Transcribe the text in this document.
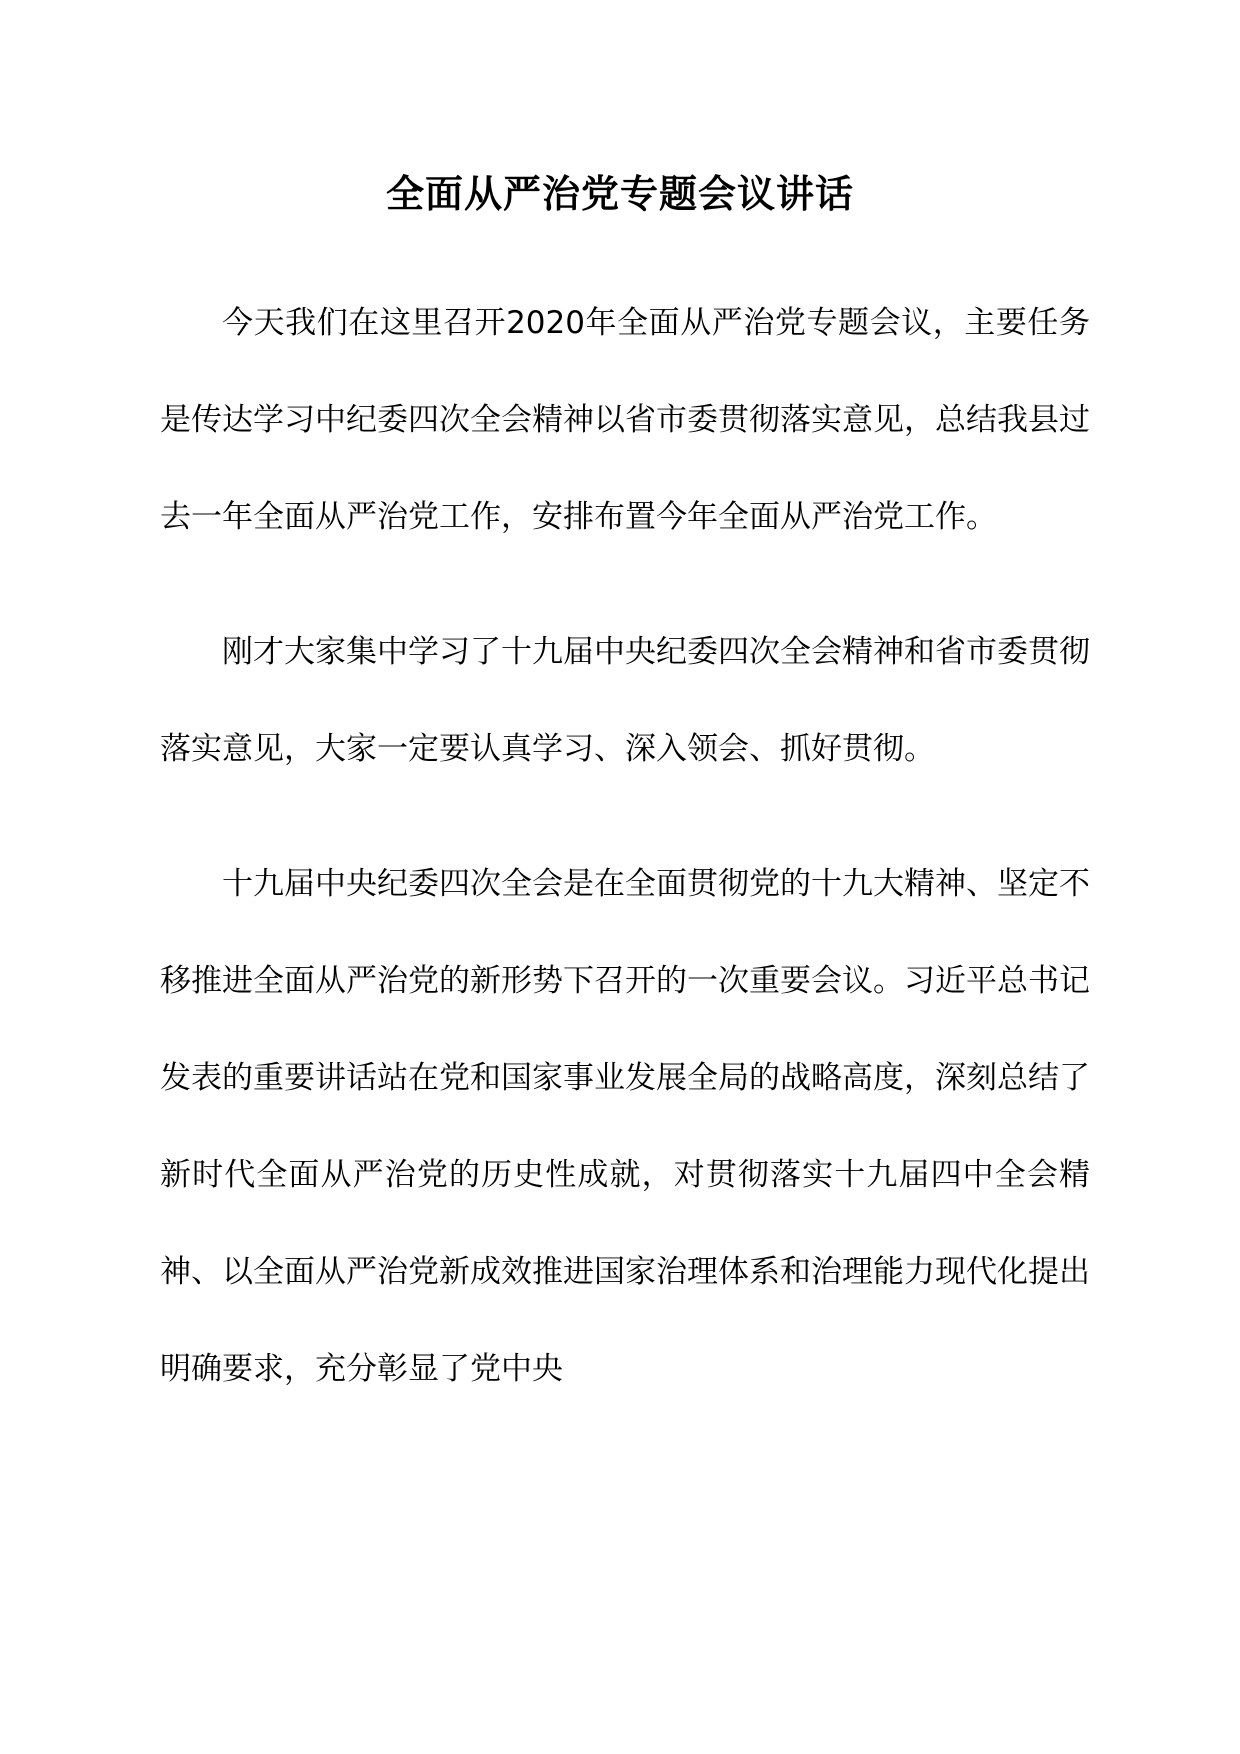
全面从严治党专题会议讲话

今天我们在这里召开2020年全面从严治党专题会议，主要任务是传达学习中纪委四次全会精神以省市委贯彻落实意见，总结我县过去一年全面从严治党工作，安排布置今年全面从严治党工作。

刚才大家集中学习了十九届中央纪委四次全会精神和省市委贯彻落实意见，大家一定要认真学习、深入领会、抓好贯彻。

十九届中央纪委四次全会是在全面贯彻党的十九大精神、坚定不移推进全面从严治党的新形势下召开的一次重要会议。习近平总书记发表的重要讲话站在党和国家事业发展全局的战略高度，深刻总结了新时代全面从严治党的历史性成就，对贯彻落实十九届四中全会精神、以全面从严治党新成效推进国家治理体系和治理能力现代化提出明确要求，充分彰显了党中央
